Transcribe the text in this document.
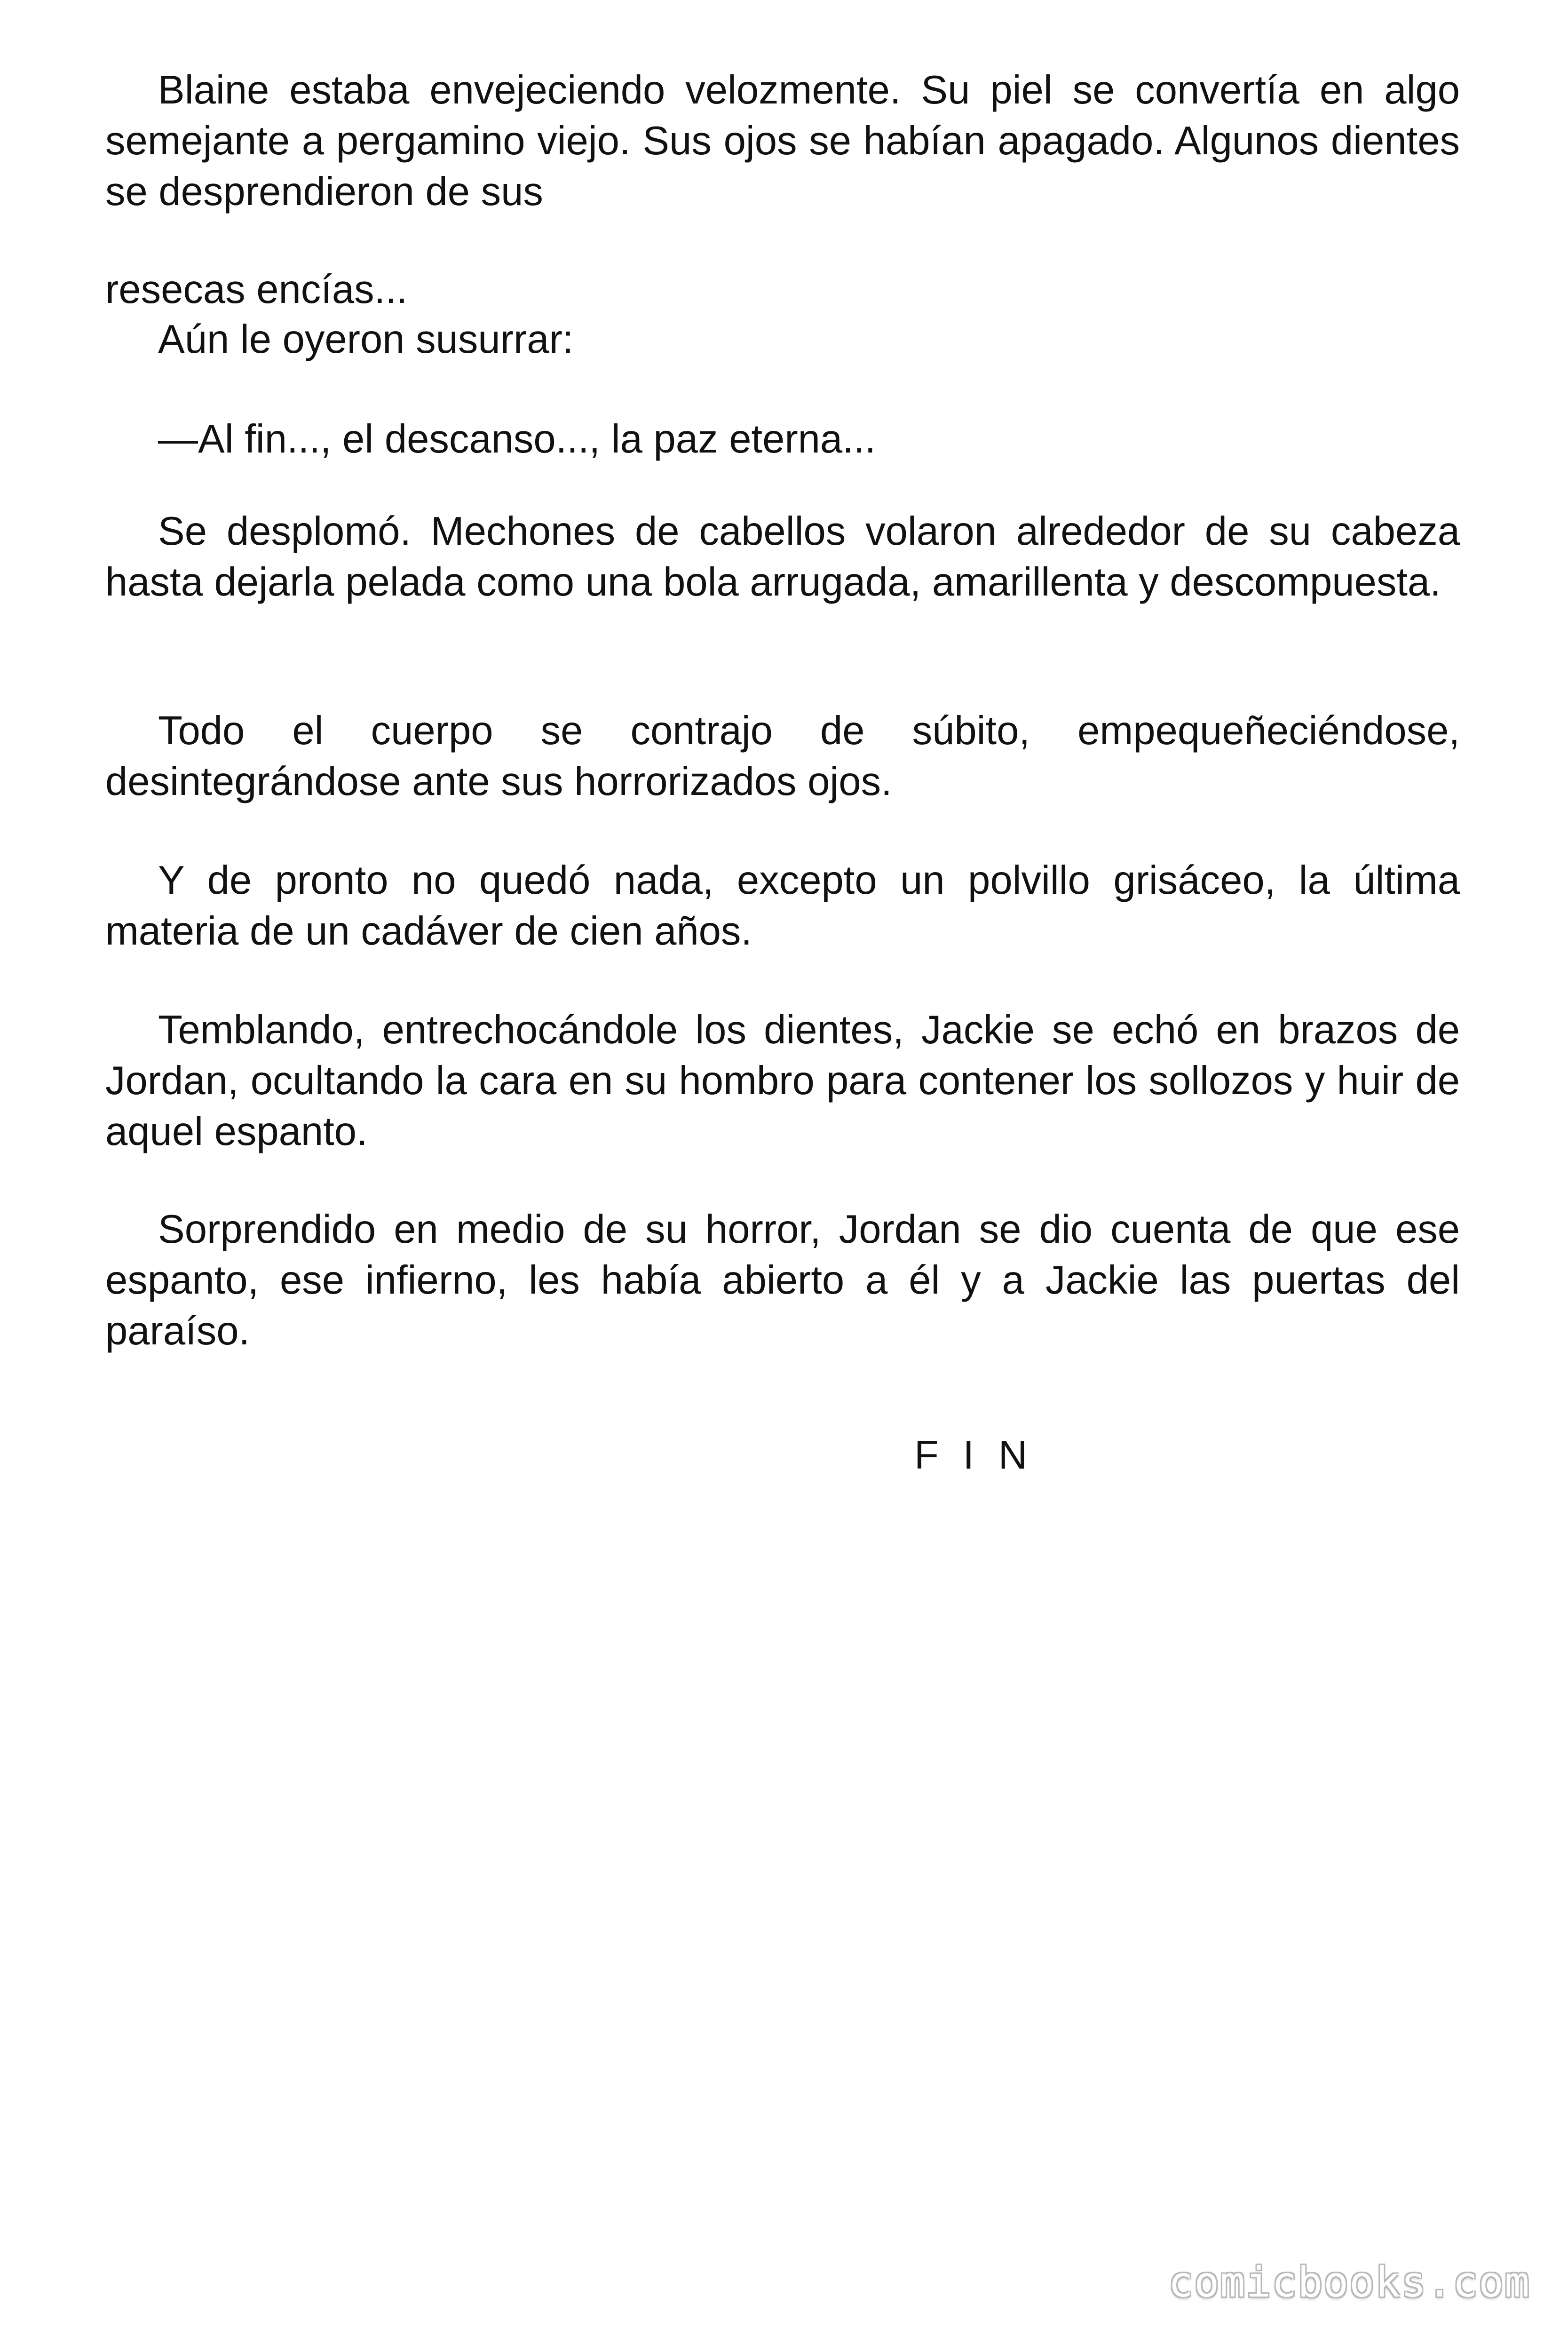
Blaine estaba envejeciendo velozmente. Su piel se convertía en algo semejante a pergamino viejo. Sus ojos se habían apagado. Algunos dientes se desprendieron de sus

resecas encías...

Aún le oyeron susurrar:

—Al fin..., el descanso..., la paz eterna...

Se desplomó. Mechones de cabellos volaron alrededor de su cabeza hasta dejarla pelada como una bola arrugada, amarillenta y descompuesta.

Todo el cuerpo se contrajo de súbito, empequeñeciéndose, desintegrándose ante sus horrorizados ojos.

Y de pronto no quedó nada, excepto un polvillo grisáceo, la última materia de un cadáver de cien años.

Temblando, entrechocándole los dientes, Jackie se echó en brazos de Jordan, ocultando la cara en su hombro para contener los sollozos y huir de aquel espanto.

Sorprendido en medio de su horror, Jordan se dio cuenta de que ese espanto, ese infierno, les había abierto a él y a Jackie las puertas del paraíso.

F I N

comicbooks.com
